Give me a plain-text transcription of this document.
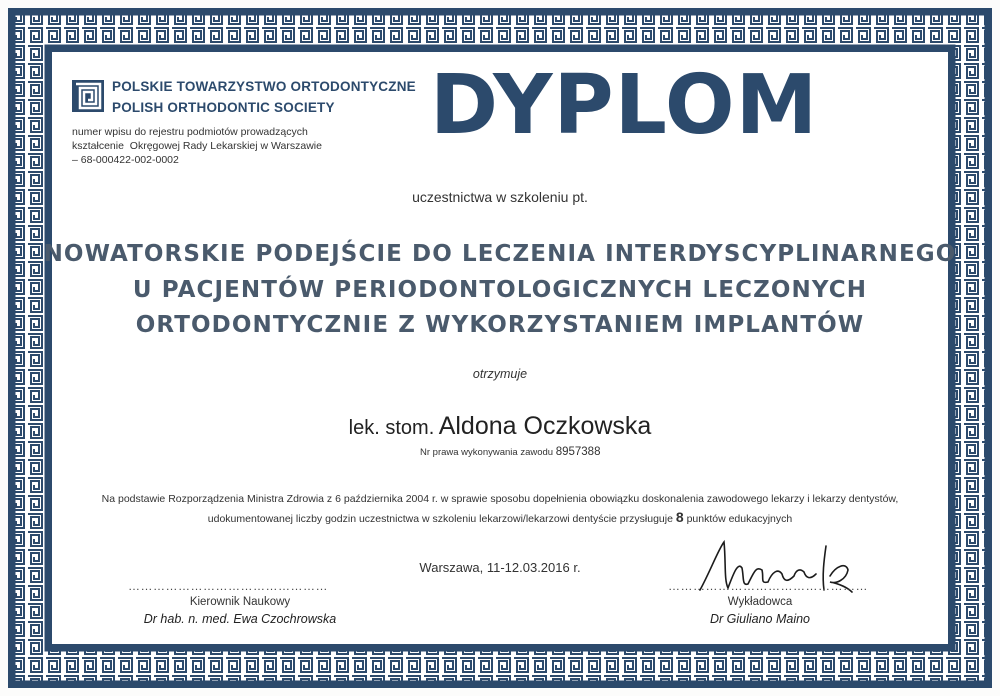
POLSKIE TOWARZYSTWO ORTODONTYCZNE
POLISH ORTHODONTIC SOCIETY
numer wpisu do rejestru podmiotów prowadzących
kształcenie  Okręgowej Rady Lekarskiej w Warszawie
– 68-000422-002-0002
DYPLOM
uczestnictwa w szkoleniu pt.
NOWATORSKIE PODEJŚCIE DO LECZENIA INTERDYSCYPLINARNEGO
U PACJENTÓW PERIODONTOLOGICZNYCH LECZONYCH
ORTODONTYCZNIE Z WYKORZYSTANIEM IMPLANTÓW
otrzymuje
lek. stom. Aldona Oczkowska
Nr prawa wykonywania zawodu 8957388
Na podstawie Rozporządzenia Ministra Zdrowia z 6 października 2004 r. w sprawie sposobu dopełnienia obowiązku doskonalenia zawodowego lekarzy i lekarzy dentystów,
udokumentowanej liczby godzin uczestnictwa w szkoleniu lekarzowi/lekarzowi dentyście przysługuje 8 punktów edukacyjnych
Warszawa, 11-12.03.2016 r.
…………………………………………
Kierownik Naukowy
Dr hab. n. med. Ewa Czochrowska
…………………………………………
Wykładowca
Dr Giuliano Maino
